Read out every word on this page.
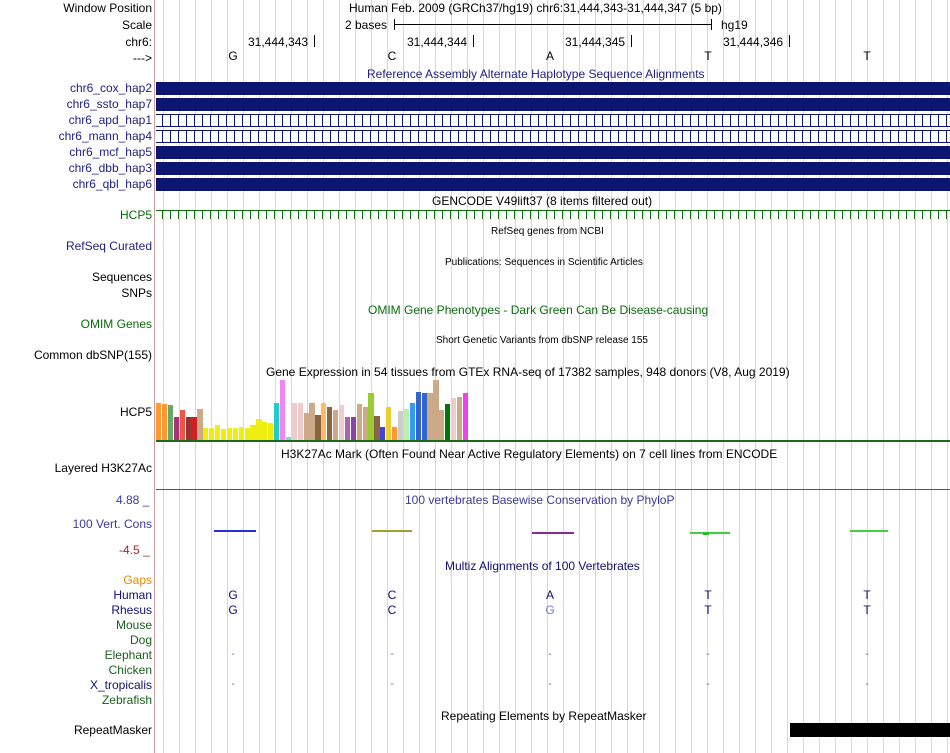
Window Position
Scale
chr6:
--->
Human Feb. 2009 (GRCh37/hg19) chr6:31,444,343-31,444,347 (5 bp)
2 bases	hg19
31,444,343	31,444,344	31,444,345	31,444,346
G	C	A	T	T
Reference Assembly Alternate Haplotype Sequence Alignments
chr6_cox_hap2
chr6_ssto_hap7
chr6_apd_hap1
chr6_mann_hap4
chr6_mcf_hap5
chr6_dbb_hap3
chr6_qbl_hap6
GENCODE V49lift37 (8 items filtered out)
HCP5
RefSeq genes from NCBI
RefSeq Curated
Publications: Sequences in Scientific Articles
Sequences
SNPs
OMIM Gene Phenotypes - Dark Green Can Be Disease-causing
OMIM Genes
Short Genetic Variants from dbSNP release 155
Common dbSNP(155)
Gene Expression in 54 tissues from GTEx RNA-seq of 17382 samples, 948 donors (V8, Aug 2019)
HCP5
H3K27Ac Mark (Often Found Near Active Regulatory Elements) on 7 cell lines from ENCODE
Layered H3K27Ac
100 vertebrates Basewise Conservation by PhyloP
4.88 _
100 Vert. Cons
-4.5 _
Multiz Alignments of 100 Vertebrates
Gaps
Human	G	C	A	T	T
Rhesus	G	C	G	T	T
Mouse
Dog
Elephant	-	-	-	-	-
Chicken
X_tropicalis	-	-	-	-	-
Zebrafish
Repeating Elements by RepeatMasker
RepeatMasker
